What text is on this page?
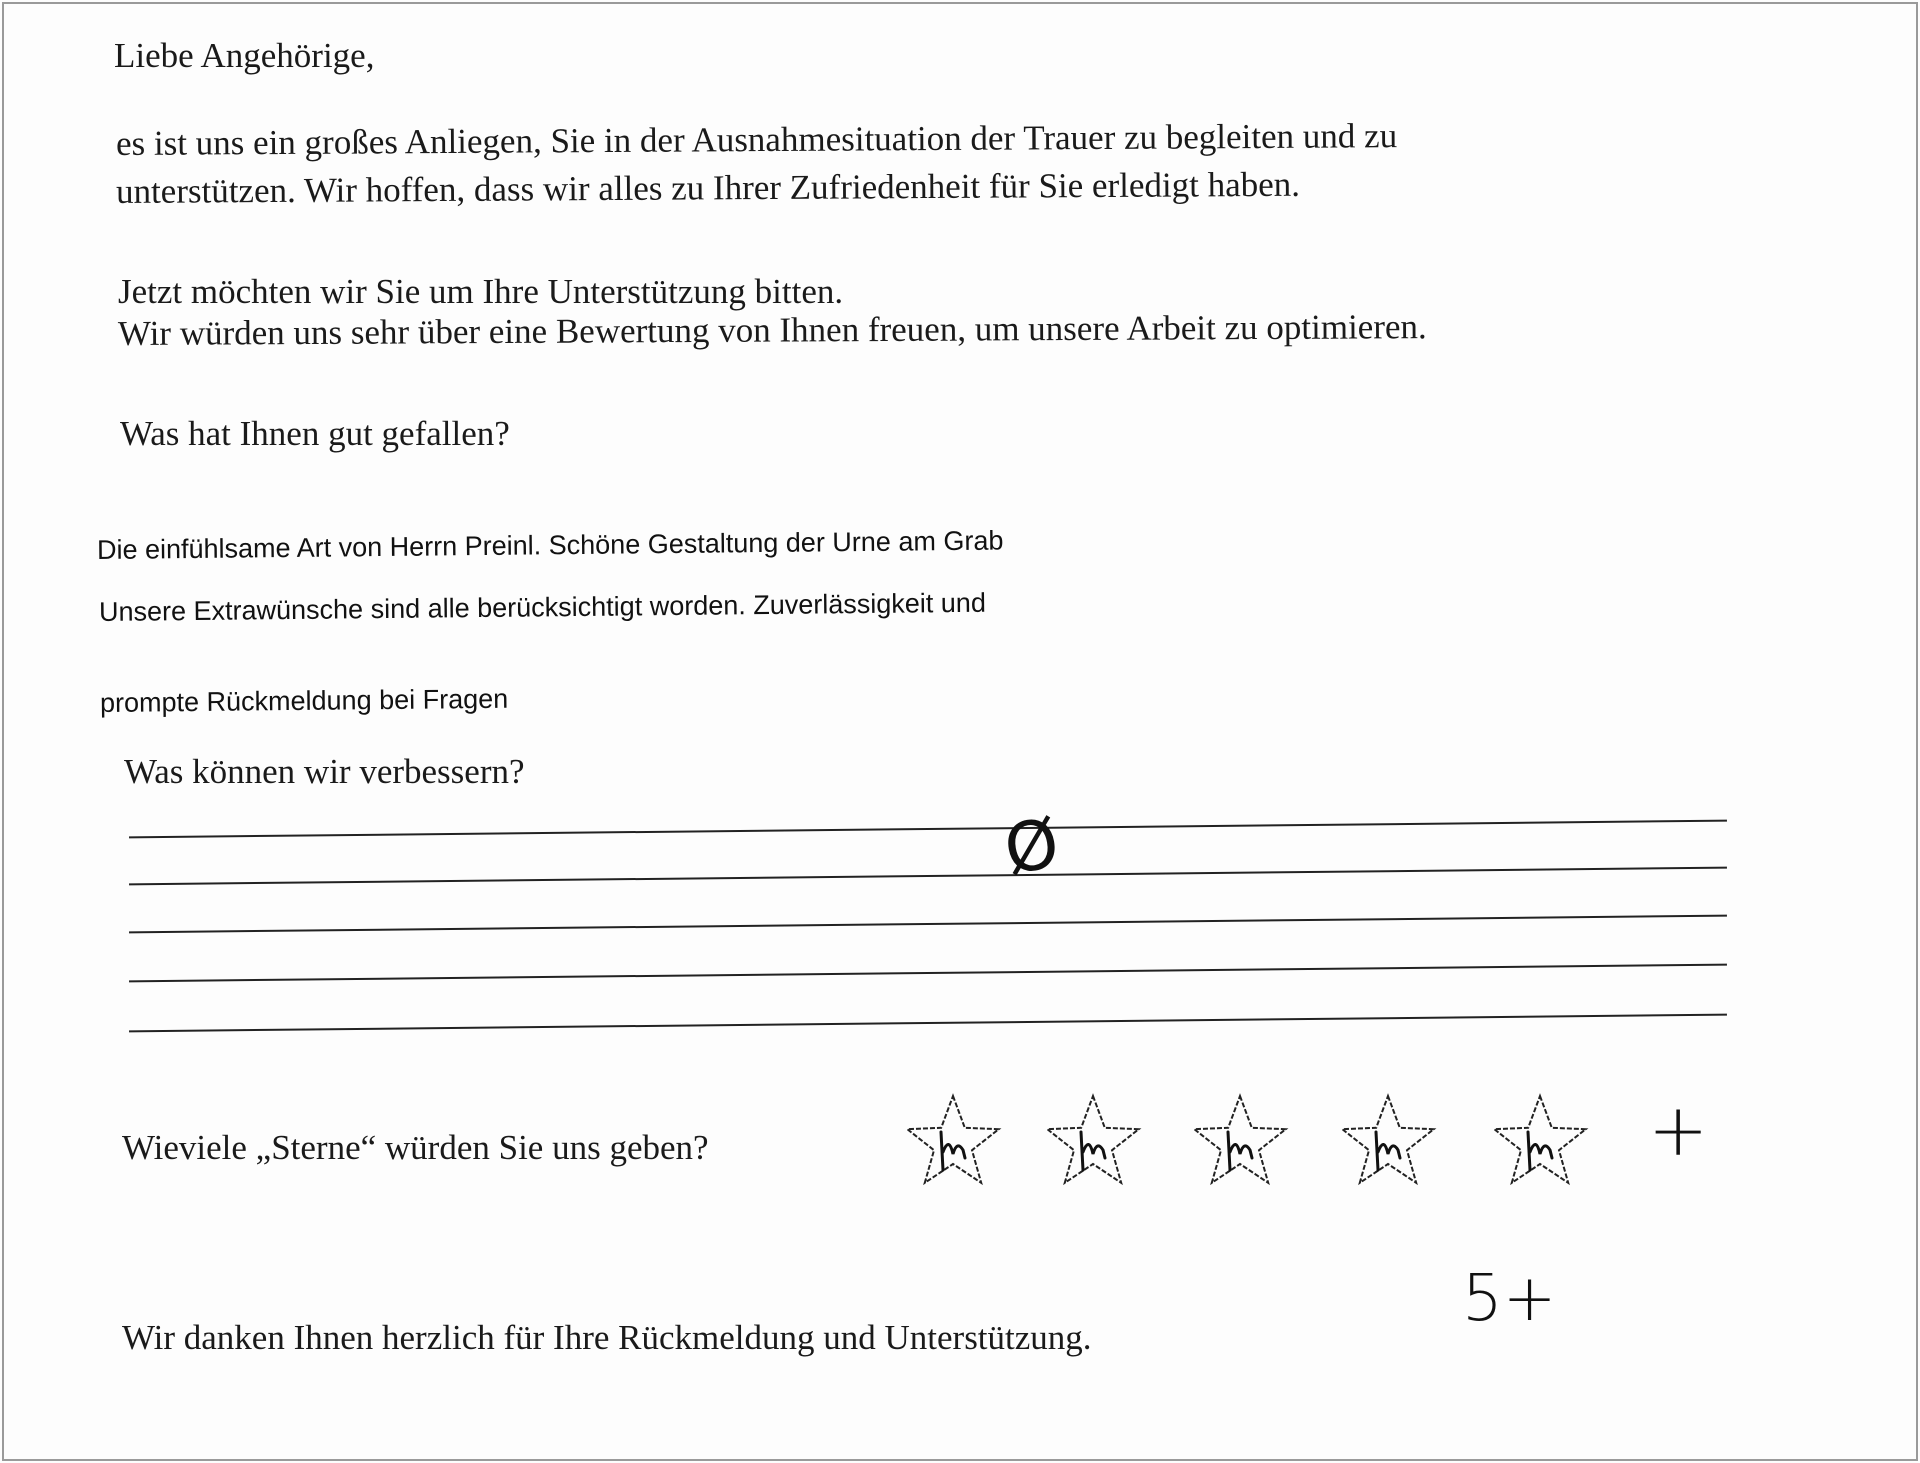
Liebe Angehörige,
es ist uns ein großes Anliegen, Sie in der Ausnahmesituation der Trauer zu begleiten und zu
unterstützen. Wir hoffen, dass wir alles zu Ihrer Zufriedenheit für Sie erledigt haben.
Jetzt möchten wir Sie um Ihre Unterstützung bitten.
Wir würden uns sehr über eine Bewertung von Ihnen freuen, um unsere Arbeit zu optimieren.
Was hat Ihnen gut gefallen?
Die einfühlsame Art von Herrn Preinl. Schöne Gestaltung der Urne am Grab
Unsere Extrawünsche sind alle berücksichtigt worden. Zuverlässigkeit und
prompte Rückmeldung bei Fragen
Was können wir verbessern?
Ø
Wieviele „Sterne“ würden Sie uns geben?	+
5+
Wir danken Ihnen herzlich für Ihre Rückmeldung und Unterstützung.
